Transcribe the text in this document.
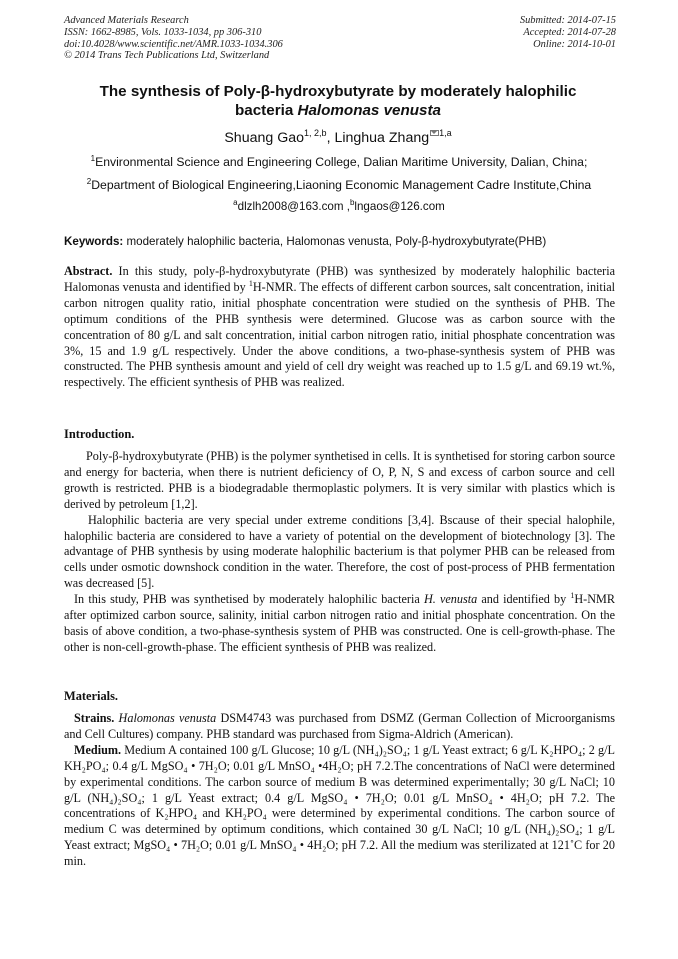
Advanced Materials Research
ISSN: 1662-8985, Vols. 1033-1034, pp 306-310
doi:10.4028/www.scientific.net/AMR.1033-1034.306
© 2014 Trans Tech Publications Ltd, Switzerland
Submitted: 2014-07-15
Accepted: 2014-07-28
Online: 2014-10-01
The synthesis of Poly-β-hydroxybutyrate by moderately halophilic
bacteria Halomonas venusta
Shuang Gao$^{1, 2,b}$, Linghua Zhang $^{1,a}$
$^1$Environmental Science and Engineering College, Dalian Maritime University, Dalian, China;
$^2$Department of Biological Engineering,Liaoning Economic Management Cadre Institute,China
$^a$dlzlh2008@163.com ,$^b$lngaos@126.com
Keywords: moderately halophilic bacteria, Halomonas venusta, Poly-β-hydroxybutyrate(PHB)

Abstract. In this study, poly-β-hydroxybutyrate (PHB) was synthesized by moderately halophilic bacteria Halomonas venusta and identified by $^1$H-NMR. The effects of different carbon sources, salt concentration, initial carbon nitrogen quality ratio, initial phosphate concentration were studied on the synthesis of PHB. The optimum conditions of the PHB synthesis were determined. Glucose was as carbon source with the concentration of 80 g/L and salt concentration, initial carbon nitrogen ratio, initial phosphate concentration was 3%, 15 and 1.9 g/L respectively. Under the above conditions, a two-phase-synthesis system of PHB was constructed. The PHB synthesis amount and yield of cell dry weight was reached up to 1.5 g/L and 69.19 wt.%, respectively. The efficient synthesis of PHB was realized.

Introduction.

Poly-β-hydroxybutyrate (PHB) is the polymer synthetised in cells. It is synthetised for storing carbon source and energy for bacteria, when there is nutrient deficiency of O, P, N, S and excess of carbon source and cell growth is restricted. PHB is a biodegradable thermoplastic polymers. It is very similar with plastics which is derived by petroleum [1,2].

Halophilic bacteria are very special under extreme conditions [3,4]. Bscause of their special halophile, halophilic bacteria are considered to have a variety of potential on the development of biotechnology [3]. The advantage of PHB synthesis by using moderate halophilic bacterium is that polymer PHB can be released from cells under osmotic downshock condition in the water. Therefore, the cost of post-process of PHB fermentation was decreased [5].

In this study, PHB was synthetised by moderately halophilic bacteria H. venusta and identified by $^1$H-NMR after optimized carbon source, salinity, initial carbon nitrogen ratio and initial phosphate concentration. On the basis of above condition, a two-phase-synthesis system of PHB was constructed. One is cell-growth-phase. The other is non-cell-growth-phase. The efficient synthesis of PHB was realized.

Materials.

Strains. Halomonas venusta DSM4743 was purchased from DSMZ (German Collection of Microorganisms and Cell Cultures) company. PHB standard was purchased from Sigma-Aldrich (American).

Medium. Medium A contained 100 g/L Glucose; 10 g/L (NH₄)₂SO₄; 1 g/L Yeast extract; 6 g/L K₂HPO₄; 2 g/L KH₂PO₄; 0.4 g/L MgSO₄ • 7H₂O; 0.01 g/L MnSO₄ •4H₂O; pH 7.2.The concentrations of NaCl were determined by experimental conditions. The carbon source of medium B was determined experimentally; 30 g/L NaCl; 10 g/L (NH₄)₂SO₄; 1 g/L Yeast extract; 0.4 g/L MgSO₄ • 7H₂O; 0.01 g/L MnSO₄ • 4H₂O; pH 7.2. The concentrations of K₂HPO₄ and KH₂PO₄ were determined by experimental conditions. The carbon source of medium C was determined by optimum conditions, which contained 30 g/L NaCl; 10 g/L (NH₄)₂SO₄; 1 g/L Yeast extract; MgSO₄ • 7H₂O; 0.01 g/L MnSO₄ • 4H₂O; pH 7.2. All the medium was sterilizated at 121˚C for 20 min.
